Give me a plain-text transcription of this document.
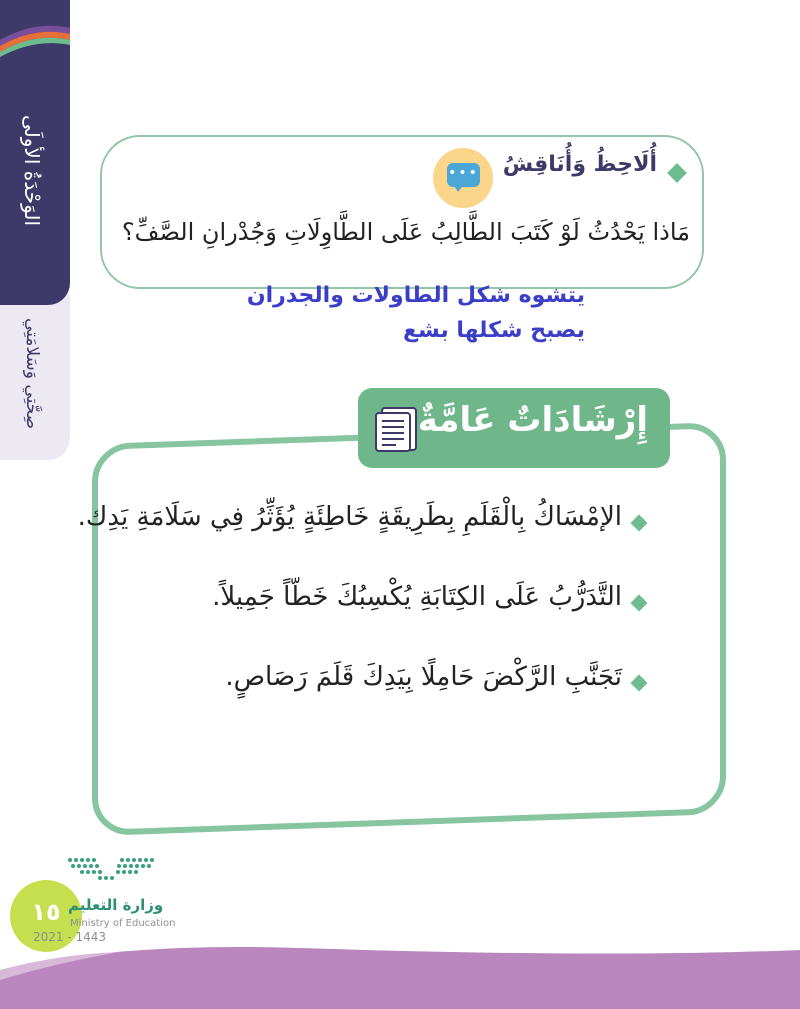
الوَحْدَةُ الأولَى
صِحَّتِي وَسَلامَتِي
أُلَاحِظُ وَأُنَاقِشُ
•••
مَاذا يَحْدُثُ لَوْ كَتَبَ الطَّالِبُ عَلَى الطَّاوِلَاتِ وَجُدْرانِ الصَّفِّ؟
يتشوه شكل الطاولات والجدران
يصبح شكلها بشع
إِرْشَادَاتٌ عَامَّةٌ
الإمْسَاكُ بِالْقَلَمِ بِطَرِيقَةٍ خَاطِئَةٍ يُؤَثِّرُ فِي سَلَامَةِ يَدِك.
التَّدَرُّبُ عَلَى الكِتَابَةِ يُكْسِبُكَ خَطّاً جَمِيلاً.
تَجَنَّبِ الرَّكْضَ حَامِلًا بِيَدِكَ قَلَمَ رَصَاصٍ.
١٥ وزارة التعليم
Ministry of Education
2021 - 1443
